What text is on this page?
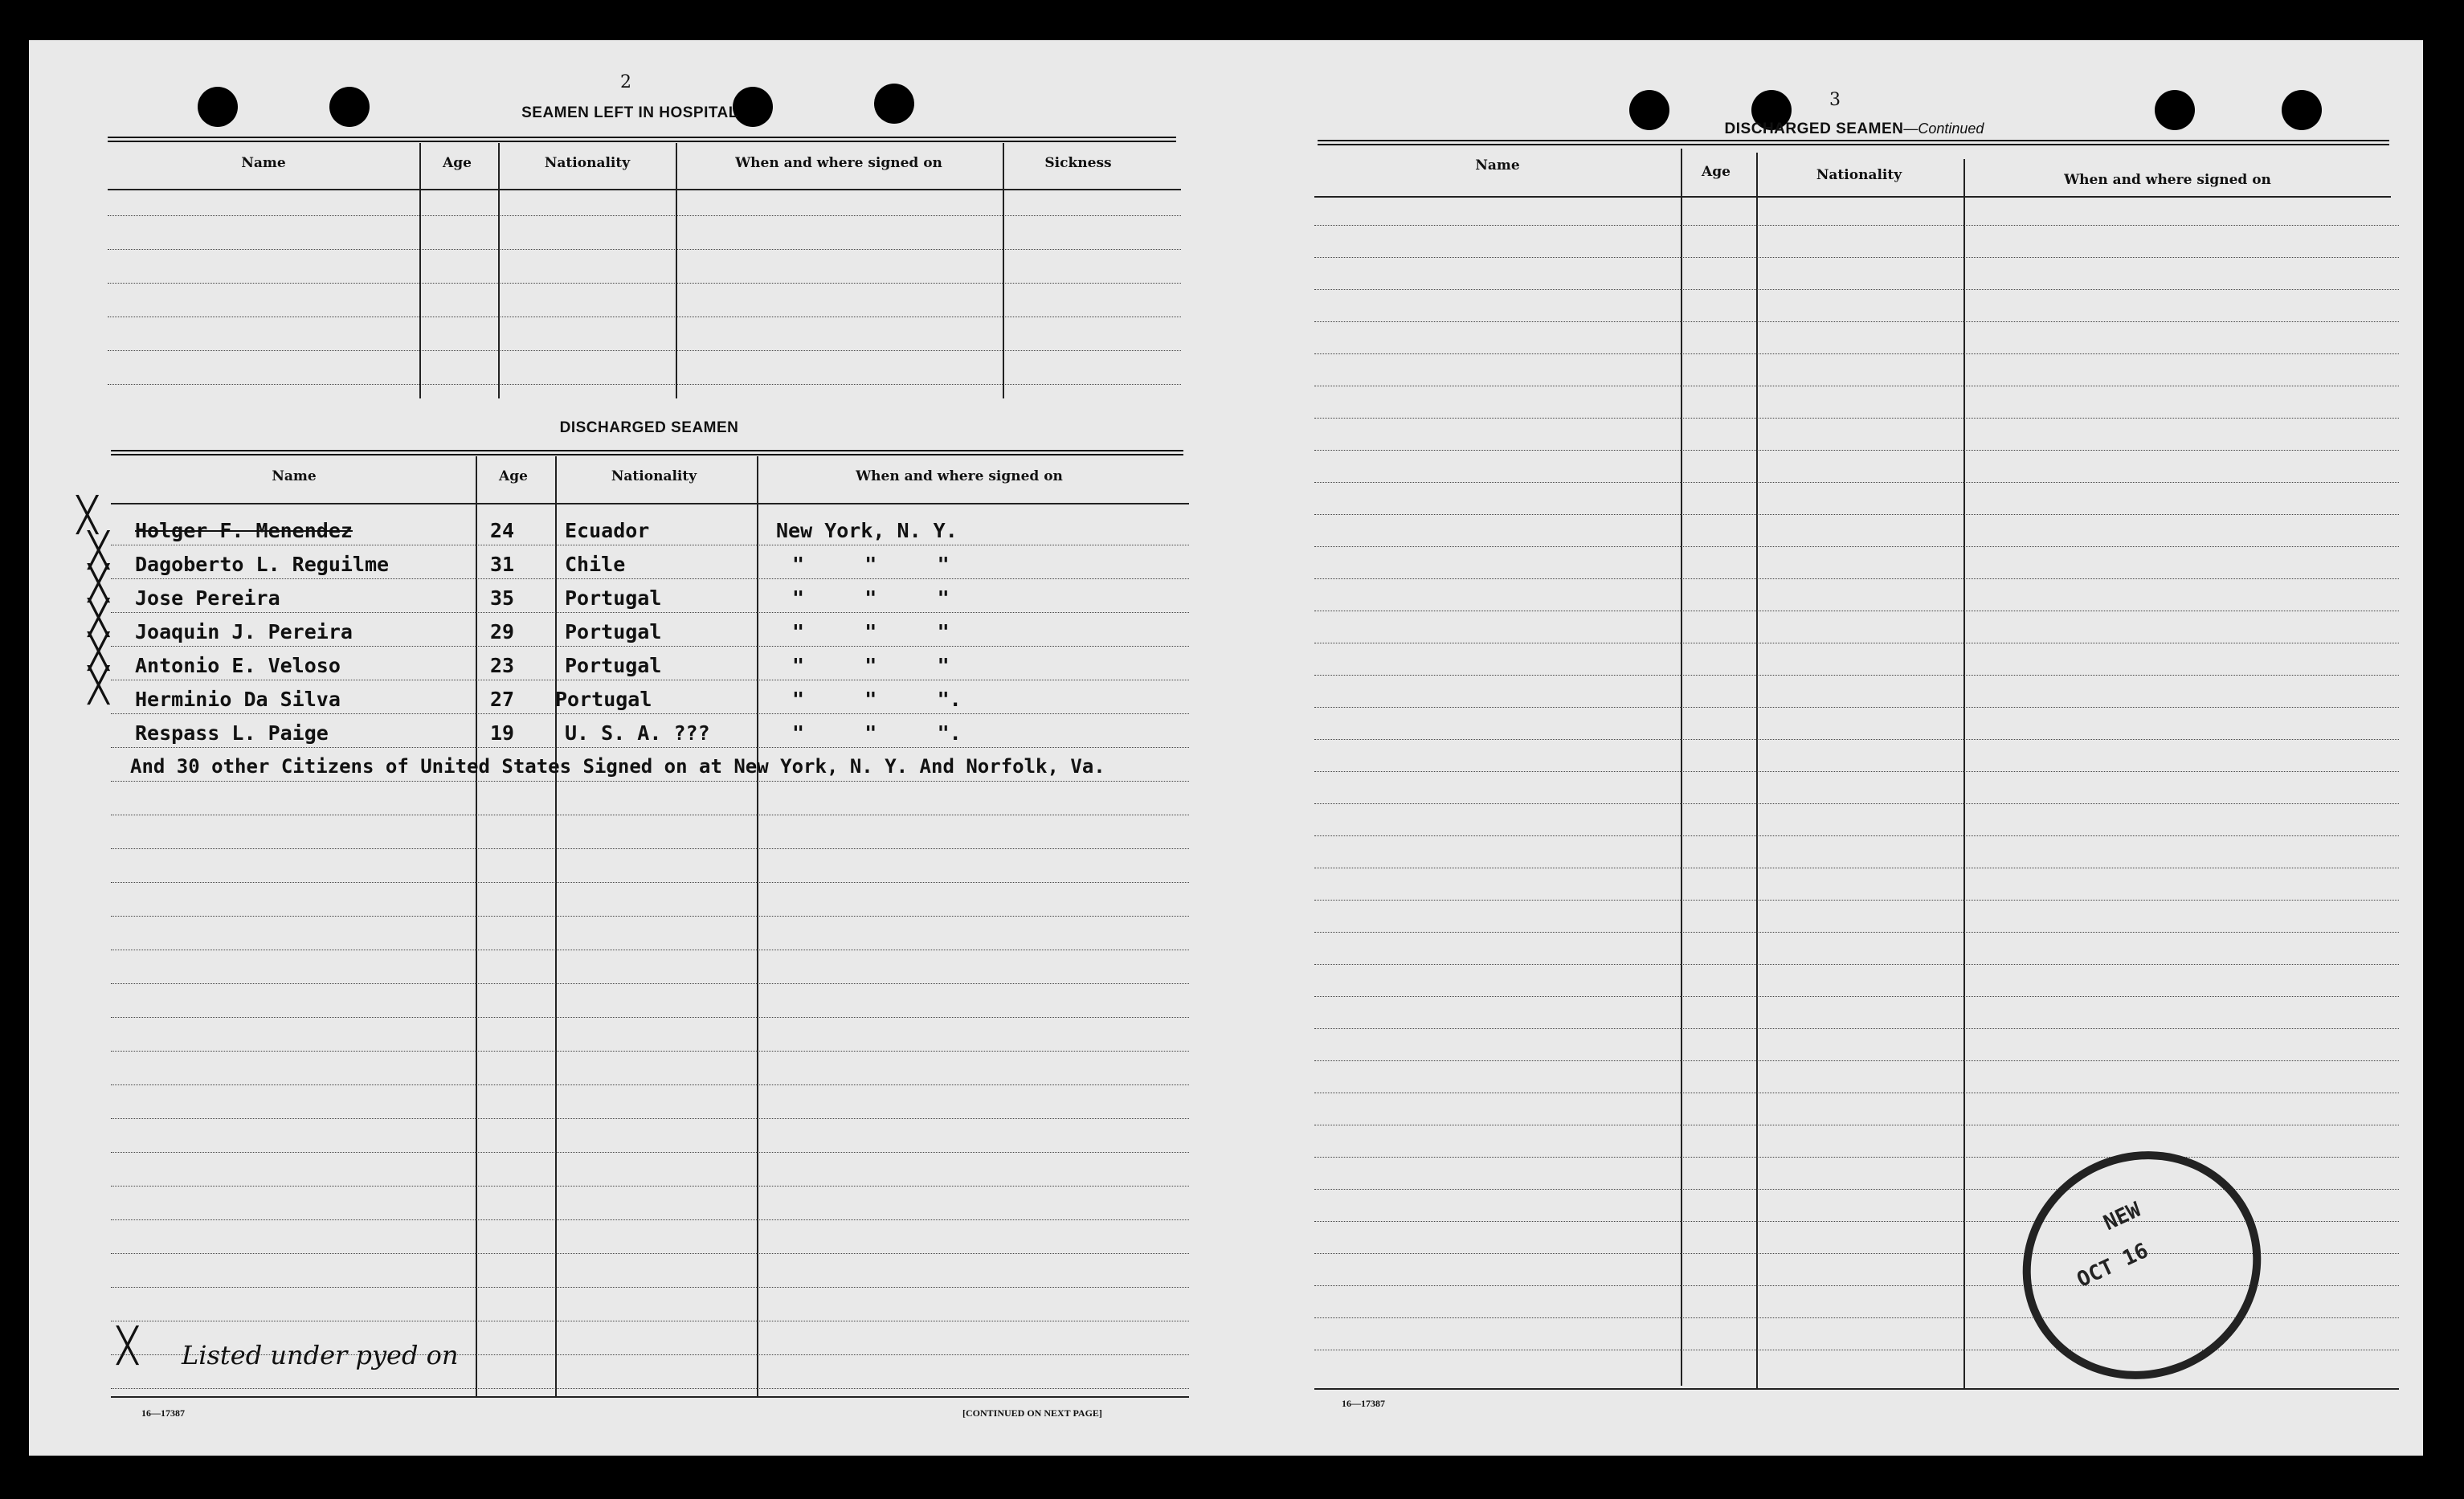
2
SEAMEN LEFT IN HOSPITAL
Name	Age	Nationality	When and where signed on	Sickness
DISCHARGED SEAMEN
Name	Age	Nationality	When and where signed on
╳
╳
╳
╳
╳
╳
╳
Holger F. Menendez	24	Ecuador	New York, N. Y.
Dagoberto L. Reguilme	31	Chile	"     "     "
Jose Pereira	35	Portugal	"     "     "
Joaquin J. Pereira	29	Portugal	"     "     "
Antonio E. Veloso	23	Portugal	"     "     "
Herminio Da Silva	27 Portugal	"     "     ".
Respass L. Paige	19	U. S. A. ???	"     "     ".
And 30 other Citizens of United States Signed on at New York, N. Y. And Norfolk, Va.
Listed under pyed on
16—17387	[CONTINUED ON NEXT PAGE]
3
DISCHARGED SEAMEN—Continued
Name	Age	Nationality	When and where signed on
16—17387
OCT 16
NEW
